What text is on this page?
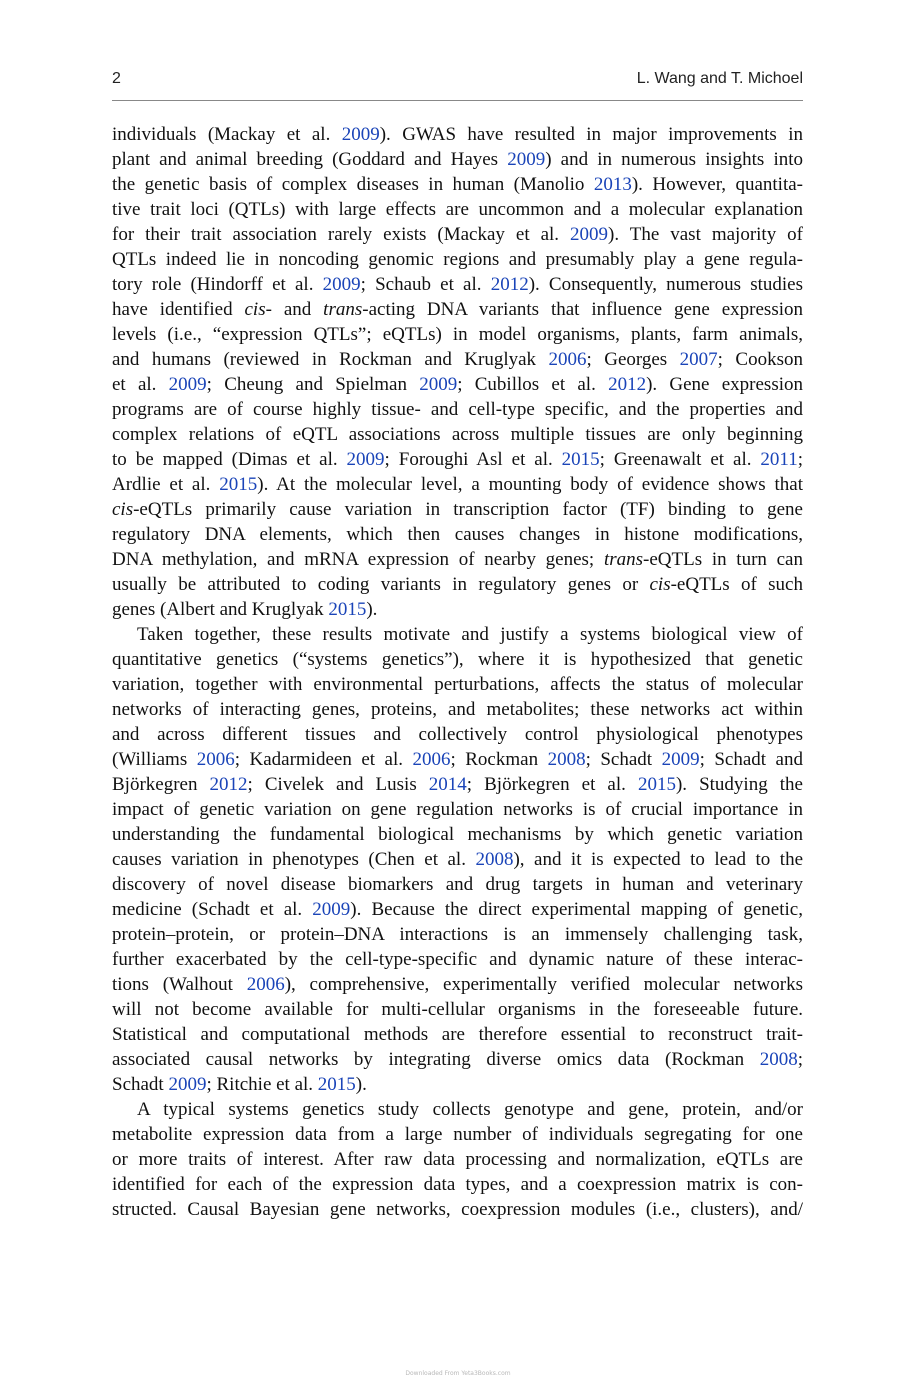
2	L. Wang and T. Michoel
individuals (Mackay et al. 2009). GWAS have resulted in major improvements in
plant and animal breeding (Goddard and Hayes 2009) and in numerous insights into
the genetic basis of complex diseases in human (Manolio 2013). However, quantita-
tive trait loci (QTLs) with large effects are uncommon and a molecular explanation
for their trait association rarely exists (Mackay et al. 2009). The vast majority of
QTLs indeed lie in noncoding genomic regions and presumably play a gene regula-
tory role (Hindorff et al. 2009; Schaub et al. 2012). Consequently, numerous studies
have identified cis- and trans-acting DNA variants that influence gene expression
levels (i.e., “expression QTLs”; eQTLs) in model organisms, plants, farm animals,
and humans (reviewed in Rockman and Kruglyak 2006; Georges 2007; Cookson
et al. 2009; Cheung and Spielman 2009; Cubillos et al. 2012). Gene expression
programs are of course highly tissue- and cell-type specific, and the properties and
complex relations of eQTL associations across multiple tissues are only beginning
to be mapped (Dimas et al. 2009; Foroughi Asl et al. 2015; Greenawalt et al. 2011;
Ardlie et al. 2015). At the molecular level, a mounting body of evidence shows that
cis-eQTLs primarily cause variation in transcription factor (TF) binding to gene
regulatory DNA elements, which then causes changes in histone modifications,
DNA methylation, and mRNA expression of nearby genes; trans-eQTLs in turn can
usually be attributed to coding variants in regulatory genes or cis-eQTLs of such
genes (Albert and Kruglyak 2015).
Taken together, these results motivate and justify a systems biological view of
quantitative genetics (“systems genetics”), where it is hypothesized that genetic
variation, together with environmental perturbations, affects the status of molecular
networks of interacting genes, proteins, and metabolites; these networks act within
and across different tissues and collectively control physiological phenotypes
(Williams 2006; Kadarmideen et al. 2006; Rockman 2008; Schadt 2009; Schadt and
Björkegren 2012; Civelek and Lusis 2014; Björkegren et al. 2015). Studying the
impact of genetic variation on gene regulation networks is of crucial importance in
understanding the fundamental biological mechanisms by which genetic variation
causes variation in phenotypes (Chen et al. 2008), and it is expected to lead to the
discovery of novel disease biomarkers and drug targets in human and veterinary
medicine (Schadt et al. 2009). Because the direct experimental mapping of genetic,
protein–protein, or protein–DNA interactions is an immensely challenging task,
further exacerbated by the cell-type-specific and dynamic nature of these interac-
tions (Walhout 2006), comprehensive, experimentally verified molecular networks
will not become available for multi-cellular organisms in the foreseeable future.
Statistical and computational methods are therefore essential to reconstruct trait-
associated causal networks by integrating diverse omics data (Rockman 2008;
Schadt 2009; Ritchie et al. 2015).
A typical systems genetics study collects genotype and gene, protein, and/or
metabolite expression data from a large number of individuals segregating for one
or more traits of interest. After raw data processing and normalization, eQTLs are
identified for each of the expression data types, and a coexpression matrix is con-
structed. Causal Bayesian gene networks, coexpression modules (i.e., clusters), and/
Downloaded From Yeta3Books.com
